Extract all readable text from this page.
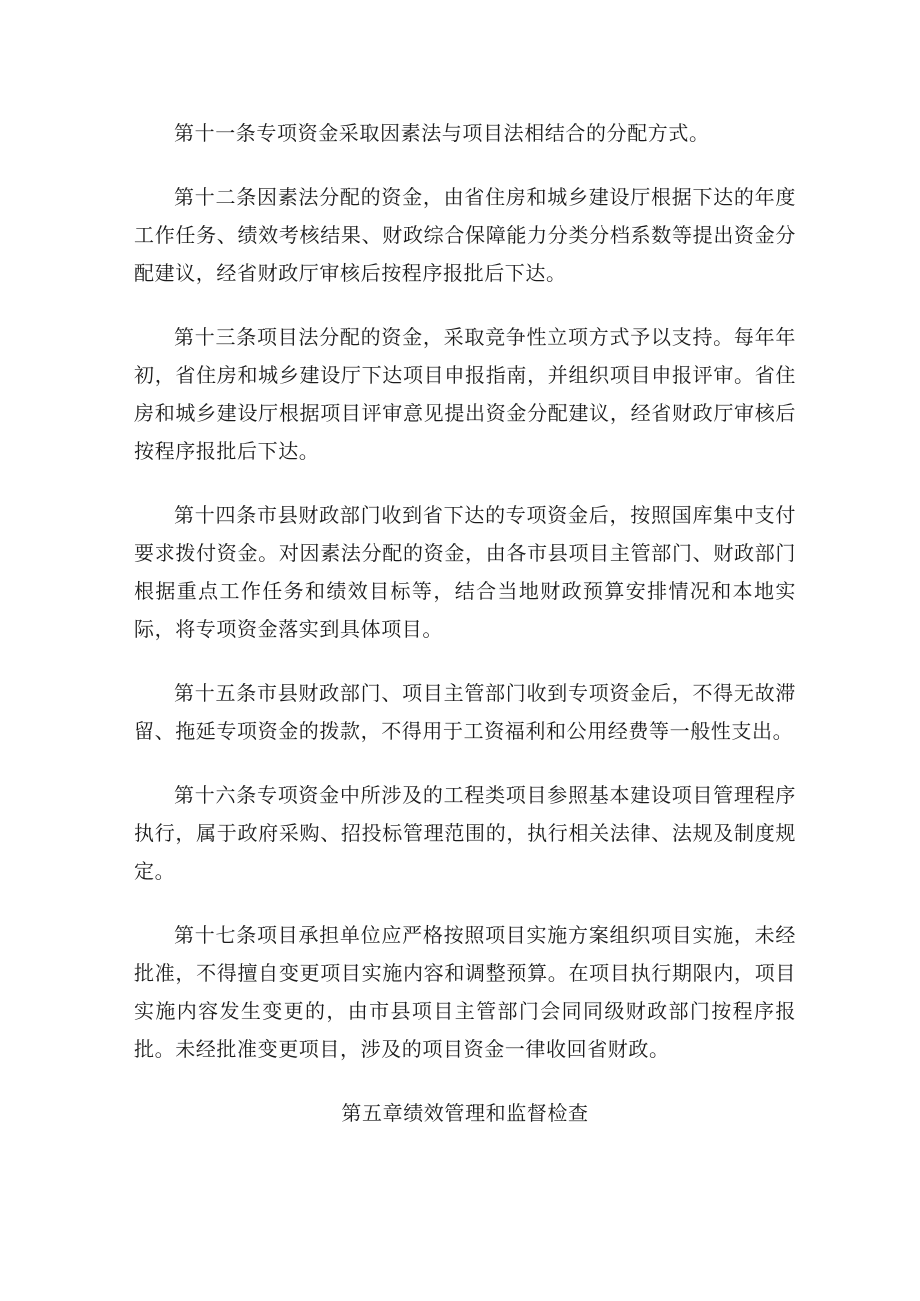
第十一条专项资金采取因素法与项目法相结合的分配方式。

第十二条因素法分配的资金，由省住房和城乡建设厅根据下达的年度工作任务、绩效考核结果、财政综合保障能力分类分档系数等提出资金分配建议，经省财政厅审核后按程序报批后下达。

第十三条项目法分配的资金，采取竞争性立项方式予以支持。每年年初，省住房和城乡建设厅下达项目申报指南，并组织项目申报评审。省住房和城乡建设厅根据项目评审意见提出资金分配建议，经省财政厅审核后按程序报批后下达。

第十四条市县财政部门收到省下达的专项资金后，按照国库集中支付要求拨付资金。对因素法分配的资金，由各市县项目主管部门、财政部门根据重点工作任务和绩效目标等，结合当地财政预算安排情况和本地实际，将专项资金落实到具体项目。

第十五条市县财政部门、项目主管部门收到专项资金后，不得无故滞留、拖延专项资金的拨款，不得用于工资福利和公用经费等一般性支出。

第十六条专项资金中所涉及的工程类项目参照基本建设项目管理程序执行，属于政府采购、招投标管理范围的，执行相关法律、法规及制度规定。

第十七条项目承担单位应严格按照项目实施方案组织项目实施，未经批准，不得擅自变更项目实施内容和调整预算。在项目执行期限内，项目实施内容发生变更的，由市县项目主管部门会同同级财政部门按程序报批。未经批准变更项目，涉及的项目资金一律收回省财政。

第五章绩效管理和监督检查
